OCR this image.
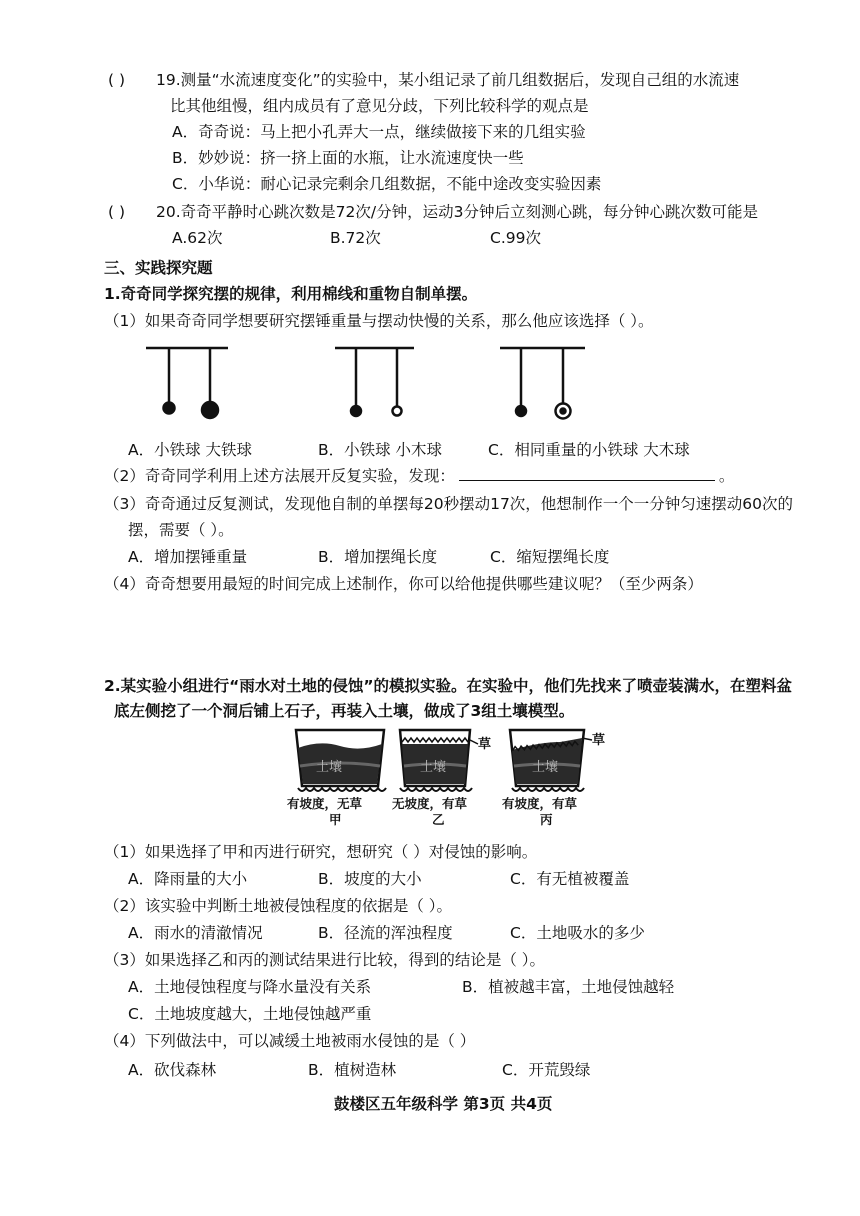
( ) 19.测量“水流速度变化”的实验中，某小组记录了前几组数据后，发现自己组的水流速
比其他组慢，组内成员有了意见分歧，下列比较科学的观点是
A．奇奇说：马上把小孔弄大一点，继续做接下来的几组实验
B．妙妙说：挤一挤上面的水瓶，让水流速度快一些
C．小华说：耐心记录完剩余几组数据，不能中途改变实验因素
( ) 20.奇奇平静时心跳次数是72次/分钟，运动3分钟后立刻测心跳，每分钟心跳次数可能是
A.62次	B.72次	C.99次
三、实践探究题
1.奇奇同学探究摆的规律，利用棉线和重物自制单摆。
（1）如果奇奇同学想要研究摆锤重量与摆动快慢的关系，那么他应该选择（ ）。
A．小铁球 大铁球	B．小铁球 小木球	C．相同重量的小铁球 大木球
（2）奇奇同学利用上述方法展开反复实验，发现：	。
（3）奇奇通过反复测试，发现他自制的单摆每20秒摆动17次，他想制作一个一分钟匀速摆动60次的
摆，需要（ ）。
A．增加摆锤重量	B．增加摆绳长度	C．缩短摆绳长度
（4）奇奇想要用最短的时间完成上述制作，你可以给他提供哪些建议呢？（至少两条）
2.某实验小组进行“雨水对土地的侵蚀”的模拟实验。在实验中，他们先找来了喷壶装满水，在塑料盆
底左侧挖了一个洞后铺上石子，再装入土壤，做成了3组土壤模型。
土壤	土壤
草
土壤
草
有坡度，无草
甲
无坡度，有草
乙
有坡度，有草
丙
（1）如果选择了甲和丙进行研究，想研究（ ）对侵蚀的影响。
A．降雨量的大小	B．坡度的大小	C．有无植被覆盖
（2）该实验中判断土地被侵蚀程度的依据是（ ）。
A．雨水的清澈情况	B．径流的浑浊程度	C．土地吸水的多少
（3）如果选择乙和丙的测试结果进行比较，得到的结论是（ ）。
A．土地侵蚀程度与降水量没有关系	B．植被越丰富，土地侵蚀越轻
C．土地坡度越大，土地侵蚀越严重
（4）下列做法中，可以减缓土地被雨水侵蚀的是（ ）
A．砍伐森林	B．植树造林	C．开荒毁绿
鼓楼区五年级科学 第3页 共4页
